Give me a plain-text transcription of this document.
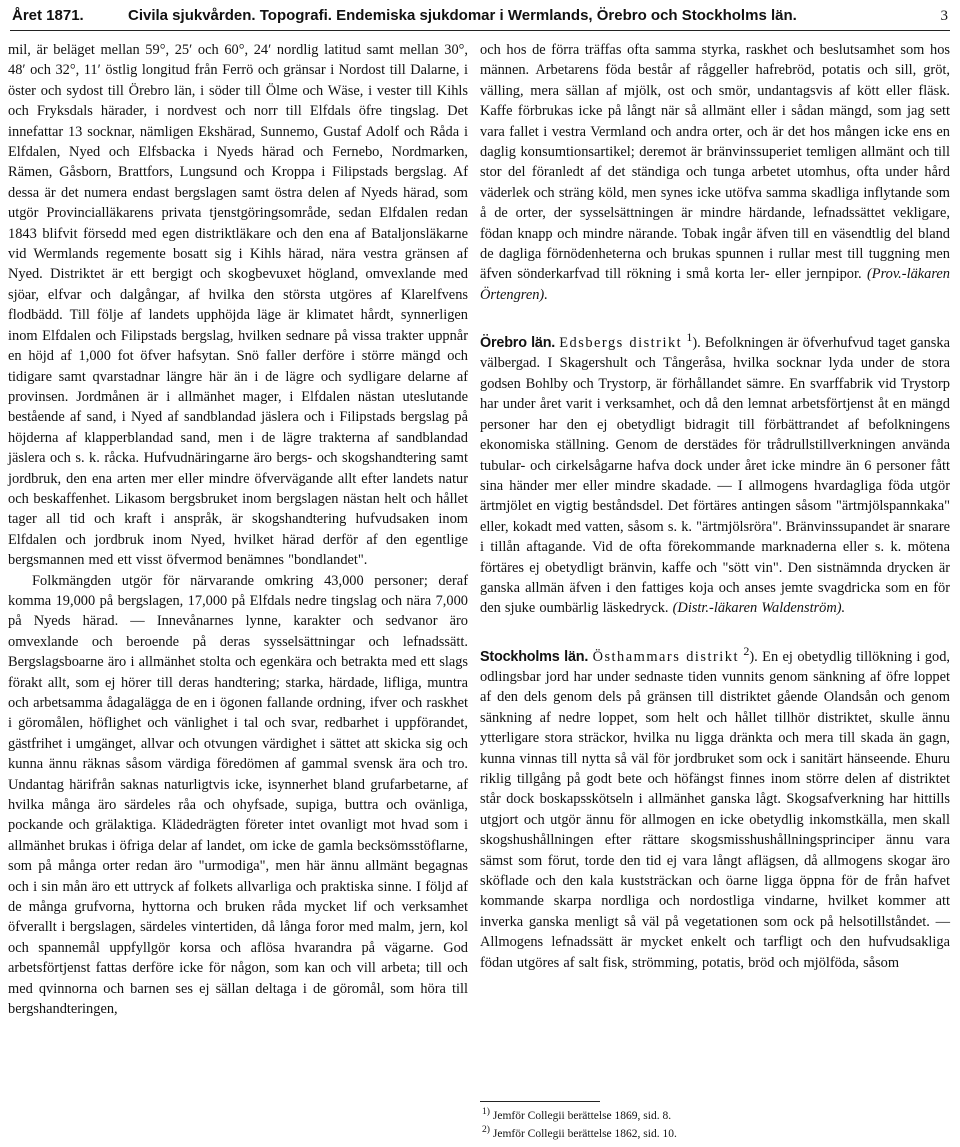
Året 1871.	Civila sjukvården. Topografi. Endemiska sjukdomar i Wermlands, Örebro och Stockholms län.	3

mil, är beläget mellan 59°, 25′ och 60°, 24′ nordlig latitud samt mellan 30°, 48′ och 32°, 11′ östlig longitud från Ferrö och gränsar i Nordost till Dalarne, i öster och sydost till Örebro län, i söder till Ölme och Wäse, i vester till Kihls och Fryksdals härader, i nordvest och norr till Elfdals öfre tingslag. Det innefattar 13 socknar, nämligen Ekshärad, Sunnemo, Gustaf Adolf och Råda i Elfdalen, Nyed och Elfsbacka i Nyeds härad och Fernebo, Nordmarken, Rämen, Gåsborn, Brattfors, Lungsund och Kroppa i Filipstads bergslag. Af dessa är det numera endast bergslagen samt östra delen af Nyeds härad, som utgör Provincialläkarens privata tjenstgöringsområde, sedan Elfdalen redan 1843 blifvit försedd med egen distriktläkare och den ena af Bataljonsläkarne vid Wermlands regemente bosatt sig i Kihls härad, nära vestra gränsen af Nyed. Distriktet är ett bergigt och skogbevuxet högland, omvexlande med sjöar, elfvar och dalgångar, af hvilka den största utgöres af Klarelfvens flodbädd. Till följe af landets upphöjda läge är klimatet hårdt, synnerligen inom Elfdalen och Filipstads bergslag, hvilken sednare på vissa trakter uppnår en höjd af 1,000 fot öfver hafsytan. Snö faller derföre i större mängd och tidigare samt qvarstadnar längre här än i de lägre och sydligare delarne af provinsen. Jordmånen är i allmänhet mager, i Elfdalen nästan uteslutande bestående af sand, i Nyed af sandblandad jäslera och i Filipstads bergslag på höjderna af klapperblandad sand, men i de lägre trakterna af sandblandad jäslera och s. k. råcka. Hufvudnäringarne äro bergs- och skogshandtering samt jordbruk, den ena arten mer eller mindre öfvervägande allt efter landets natur och beskaffenhet. Likasom bergsbruket inom bergslagen nästan helt och hållet tager all tid och kraft i anspråk, är skogshandtering hufvudsaken inom Elfdalen och jordbruk inom Nyed, hvilket härad derför af den egentlige bergsmannen med ett visst öfvermod benämnes "bondlandet".

Folkmängden utgör för närvarande omkring 43,000 personer; deraf komma 19,000 på bergslagen, 17,000 på Elfdals nedre tingslag och nära 7,000 på Nyeds härad. — Innevånarnes lynne, karakter och sedvanor äro omvexlande och beroende på deras sysselsättningar och lefnadssätt. Bergslagsboarne äro i allmänhet stolta och egenkära och betrakta med ett slags förakt allt, som ej hörer till deras handtering; starka, härdade, lifliga, muntra och arbetsamma ådagalägga de en i ögonen fallande ordning, ifver och raskhet i göromålen, höflighet och vänlighet i tal och svar, redbarhet i uppförandet, gästfrihet i umgänget, allvar och otvungen värdighet i sättet att skicka sig och kunna ännu räknas såsom värdiga föredömen af gammal svensk ära och tro. Undantag härifrån saknas naturligtvis icke, isynnerhet bland grufarbetarne, af hvilka många äro särdeles råa och ohyfsade, supiga, buttra och ovänliga, pockande och grälaktiga. Klädedrägten företer intet ovanligt mot hvad som i allmänhet brukas i öfriga delar af landet, om icke de gamla becksömsstöflarne, som på många orter redan äro "urmodiga", men här ännu allmänt begagnas och i sin mån äro ett uttryck af folkets allvarliga och praktiska sinne. I följd af de många grufvorna, hyttorna och bruken råda mycket lif och verksamhet öfverallt i bergslagen, särdeles vintertiden, då långa foror med malm, jern, kol och spannemål uppfyllgör korsa och aflösa hvarandra på vägarne. God arbetsförtjenst fattas derföre icke för någon, som kan och vill arbeta; till och med qvinnorna och barnen ses ej sällan deltaga i de göromål, som höra till bergshandteringen,

och hos de förra träffas ofta samma styrka, raskhet och beslutsamhet som hos männen. Arbetarens föda består af råggeller hafrebröd, potatis och sill, gröt, välling, mera sällan af mjölk, ost och smör, undantagsvis af kött eller fläsk. Kaffe förbrukas icke på långt när så allmänt eller i sådan mängd, som jag sett vara fallet i vestra Vermland och andra orter, och är det hos mången icke ens en daglig konsumtionsartikel; deremot är bränvinssuperiet temligen allmänt och till stor del föranledt af det ständiga och tunga arbetet utomhus, ofta under hård väderlek och sträng köld, men synes icke utöfva samma skadliga inflytande som å de orter, der sysselsättningen är mindre härdande, lefnadssättet vekligare, födan knapp och mindre närande. Tobak ingår äfven till en väsendtlig del bland de dagliga förnödenheterna och brukas spunnen i rullar mest till tuggning men äfven sönderkarfvad till rökning i små korta ler- eller jernpipor. (Prov.-läkaren Örtengren).

Örebro län. Edsbergs distrikt $^1$). Befolkningen är öfverhufvud taget ganska välbergad. I Skagershult och Tångeråsa, hvilka socknar lyda under de stora godsen Bohlby och Trystorp, är förhållandet sämre. En svarffabrik vid Trystorp har under året varit i verksamhet, och då den lemnat arbetsförtjenst åt en mängd personer har den ej obetydligt bidragit till förbättrandet af befolkningens ekonomiska ställning. Genom de derstädes för trådrullstillverkningen använda tubular- och cirkelsågarne hafva dock under året icke mindre än 6 personer fått sina händer mer eller mindre skadade. — I allmogens hvardagliga föda utgör ärtmjölet en vigtig beståndsdel. Det förtäres antingen såsom "ärtmjölspannkaka" eller, kokadt med vatten, såsom s. k. "ärtmjölsröra". Bränvinssupandet är snarare i tillån aftagande. Vid de ofta förekommande marknaderna eller s. k. mötena förtäres ej obetydligt bränvin, kaffe och "sött vin". Den sistnämnda drycken är ganska allmän äfven i den fattiges koja och anses jemte svagdricka som en för den sjuke oumbärlig läskedryck. (Distr.-läkaren Waldenström).

Stockholms län. Östhammars distrikt $^2$). En ej obetydlig tillökning i god, odlingsbar jord har under sednaste tiden vunnits genom sänkning af öfre loppet af den dels genom dels på gränsen till distriktet gående Olandsån och genom sänkning af nedre loppet, som helt och hållet tillhör distriktet, skulle ännu ytterligare stora sträckor, hvilka nu ligga dränkta och mera till skada än gagn, kunna vinnas till nytta så väl för jordbruket som ock i sanitärt hänseende. Ehuru riklig tillgång på godt bete och höfängst finnes inom större delen af distriktet står dock boskapsskötseln i allmänhet ganska lågt. Skogsafverkning har hittills utgjort och utgör ännu för allmogen en icke obetydlig inkomstkälla, men skall skogshushållningen efter rättare skogsmisshushållningsprinciper ännu vara sämst som förut, torde den tid ej vara långt aflägsen, då allmogens skogar äro sköflade och den kala kuststräckan och öarne ligga öppna för de från hafvet kommande skarpa nordliga och nordostliga vindarne, hvilket kommer att inverka ganska menligt så väl på vegetationen som ock på helsotillståndet. — Allmogens lefnadssätt är mycket enkelt och tarfligt och den hufvudsakliga födan utgöres af salt fisk, strömming, potatis, bröd och mjölföda, såsom

$^{1)}$ Jemför Collegii berättelse 1869, sid. 8.

$^{2)}$ Jemför Collegii berättelse 1862, sid. 10.
